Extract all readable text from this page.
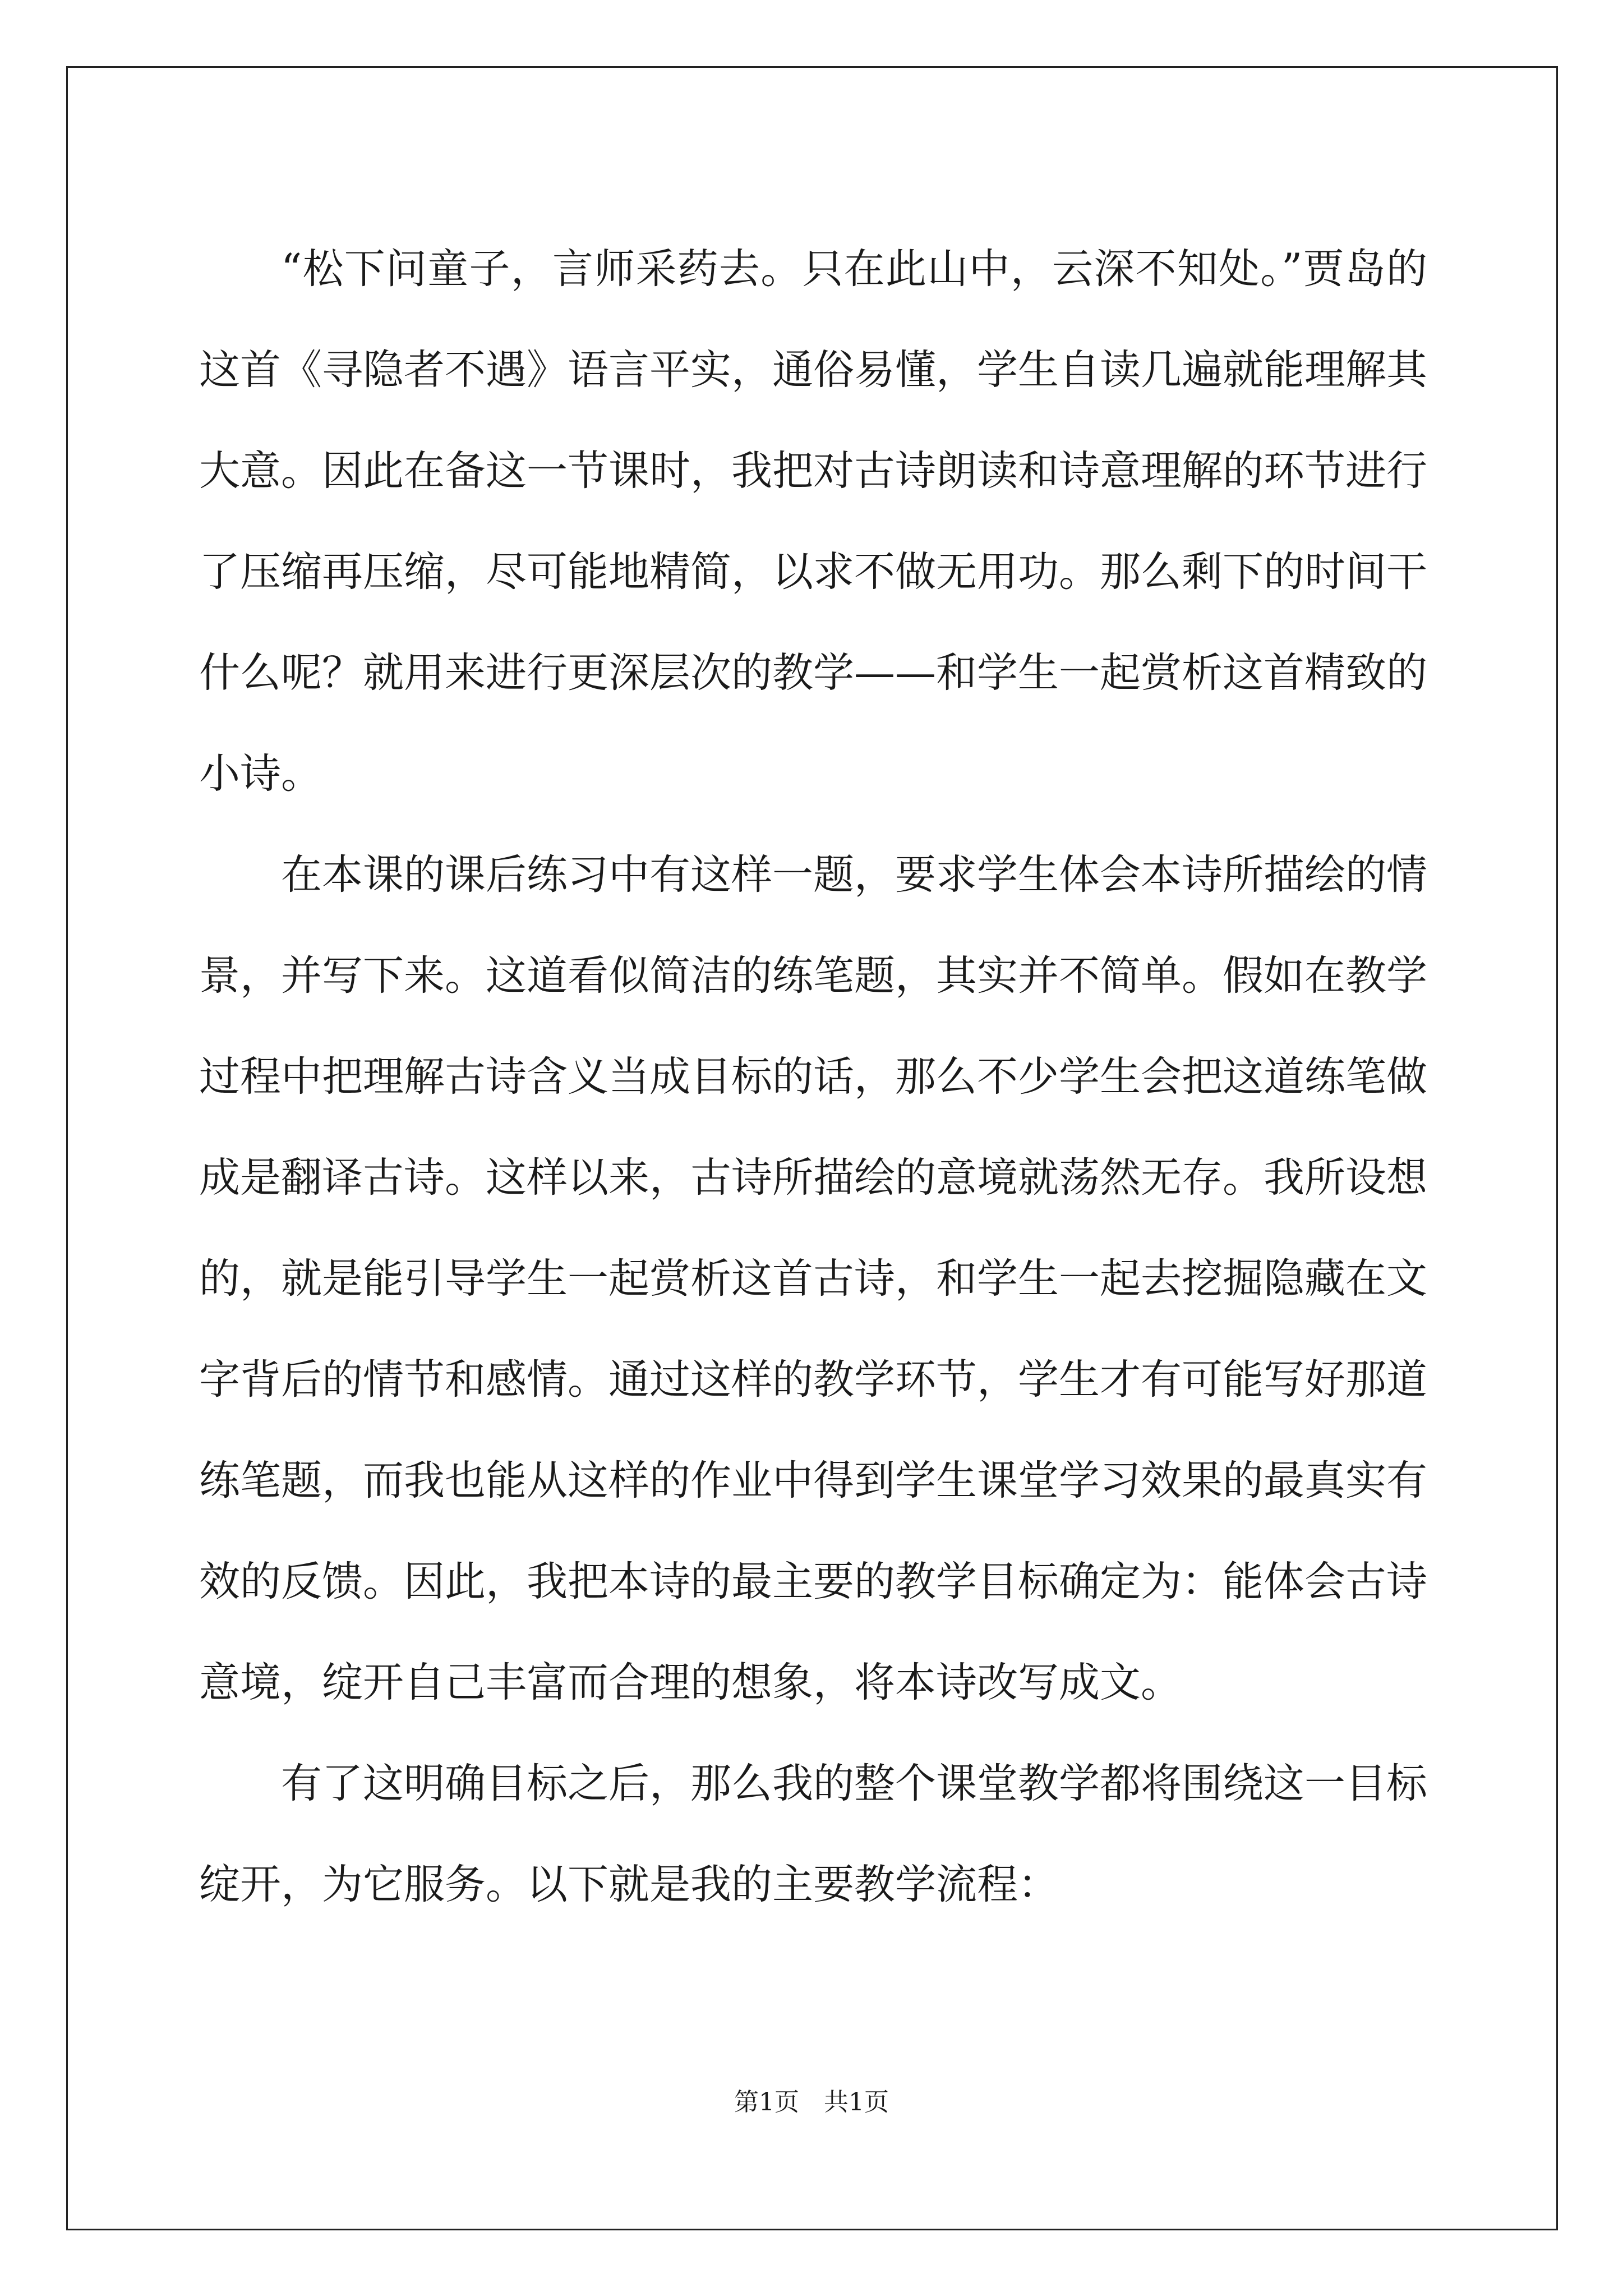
“松下问童子，言师采药去。只在此山中，云深不知处。”贾岛的这首《寻隐者不遇》语言平实，通俗易懂，学生自读几遍就能理解其大意。因此在备这一节课时，我把对古诗朗读和诗意理解的环节进行了压缩再压缩，尽可能地精简，以求不做无用功。那么剩下的时间干什么呢？就用来进行更深层次的教学——和学生一起赏析这首精致的小诗。

在本课的课后练习中有这样一题，要求学生体会本诗所描绘的情景，并写下来。这道看似简洁的练笔题，其实并不简单。假如在教学过程中把理解古诗含义当成目标的话，那么不少学生会把这道练笔做成是翻译古诗。这样以来，古诗所描绘的意境就荡然无存。我所设想的，就是能引导学生一起赏析这首古诗，和学生一起去挖掘隐藏在文字背后的情节和感情。通过这样的教学环节，学生才有可能写好那道练笔题，而我也能从这样的作业中得到学生课堂学习效果的最真实有效的反馈。因此，我把本诗的最主要的教学目标确定为：能体会古诗意境，绽开自己丰富而合理的想象，将本诗改写成文。

有了这明确目标之后，那么我的整个课堂教学都将围绕这一目标绽开，为它服务。以下就是我的主要教学流程：

第1页　共1页
